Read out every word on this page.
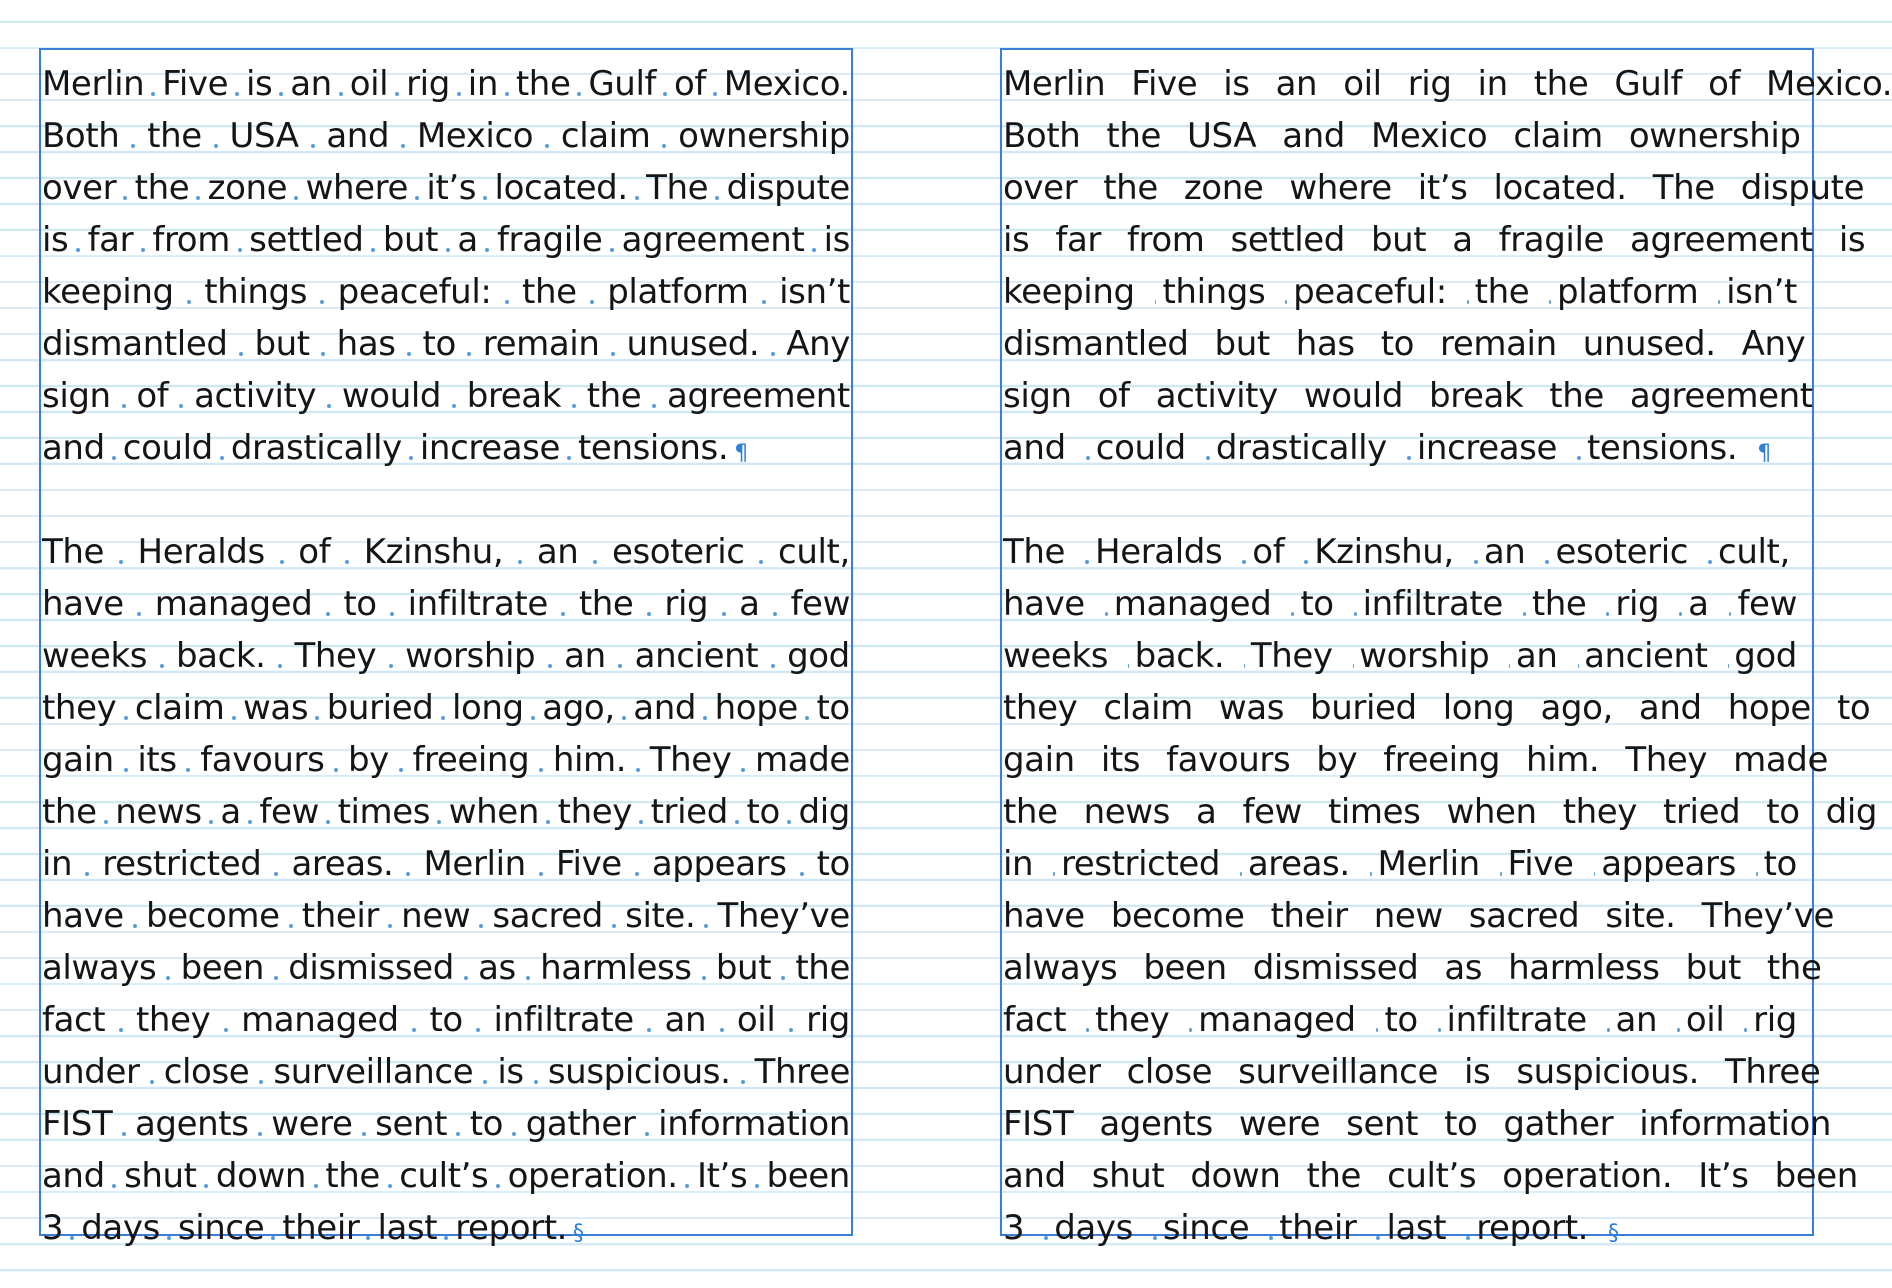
Merlin Five is an oil rig in the Gulf of Mexico.
Both the USA and Mexico claim ownership
over the zone where it’s located. The dispute
is far from settled but a fragile agreement is
keeping things peaceful: the platform isn’t
dismantled but has to remain unused. Any
sign of activity would break the agreement
and could drastically increase tensions. ¶
The Heralds of Kzinshu, an esoteric cult,
have managed to infiltrate the rig a few
weeks back. They worship an ancient god
they claim was buried long ago, and hope to
gain its favours by freeing him. They made
the news a few times when they tried to dig
in restricted areas. Merlin Five appears to
have become their new sacred site. They’ve
always been dismissed as harmless but the
fact they managed to infiltrate an oil rig
under close surveillance is suspicious. Three
FIST agents were sent to gather information
and shut down the cult’s operation. It’s been
3 days since their last report. §
Merlin Five is an oil rig in the Gulf of Mexico.
Both the USA and Mexico claim ownership
over the zone where it’s located. The dispute
is far from settled but a fragile agreement is
keeping things peaceful: the platform isn’t
dismantled but has to remain unused. Any
sign of activity would break the agreement
and could drastically increase tensions. ¶
The Heralds of Kzinshu, an esoteric cult,
have managed to infiltrate the rig a few
weeks back. They worship an ancient god
they claim was buried long ago, and hope to
gain its favours by freeing him. They made
the news a few times when they tried to dig
in restricted areas. Merlin Five appears to
have become their new sacred site. They’ve
always been dismissed as harmless but the
fact they managed to infiltrate an oil rig
under close surveillance is suspicious. Three
FIST agents were sent to gather information
and shut down the cult’s operation. It’s been
3 days since their last report. §
